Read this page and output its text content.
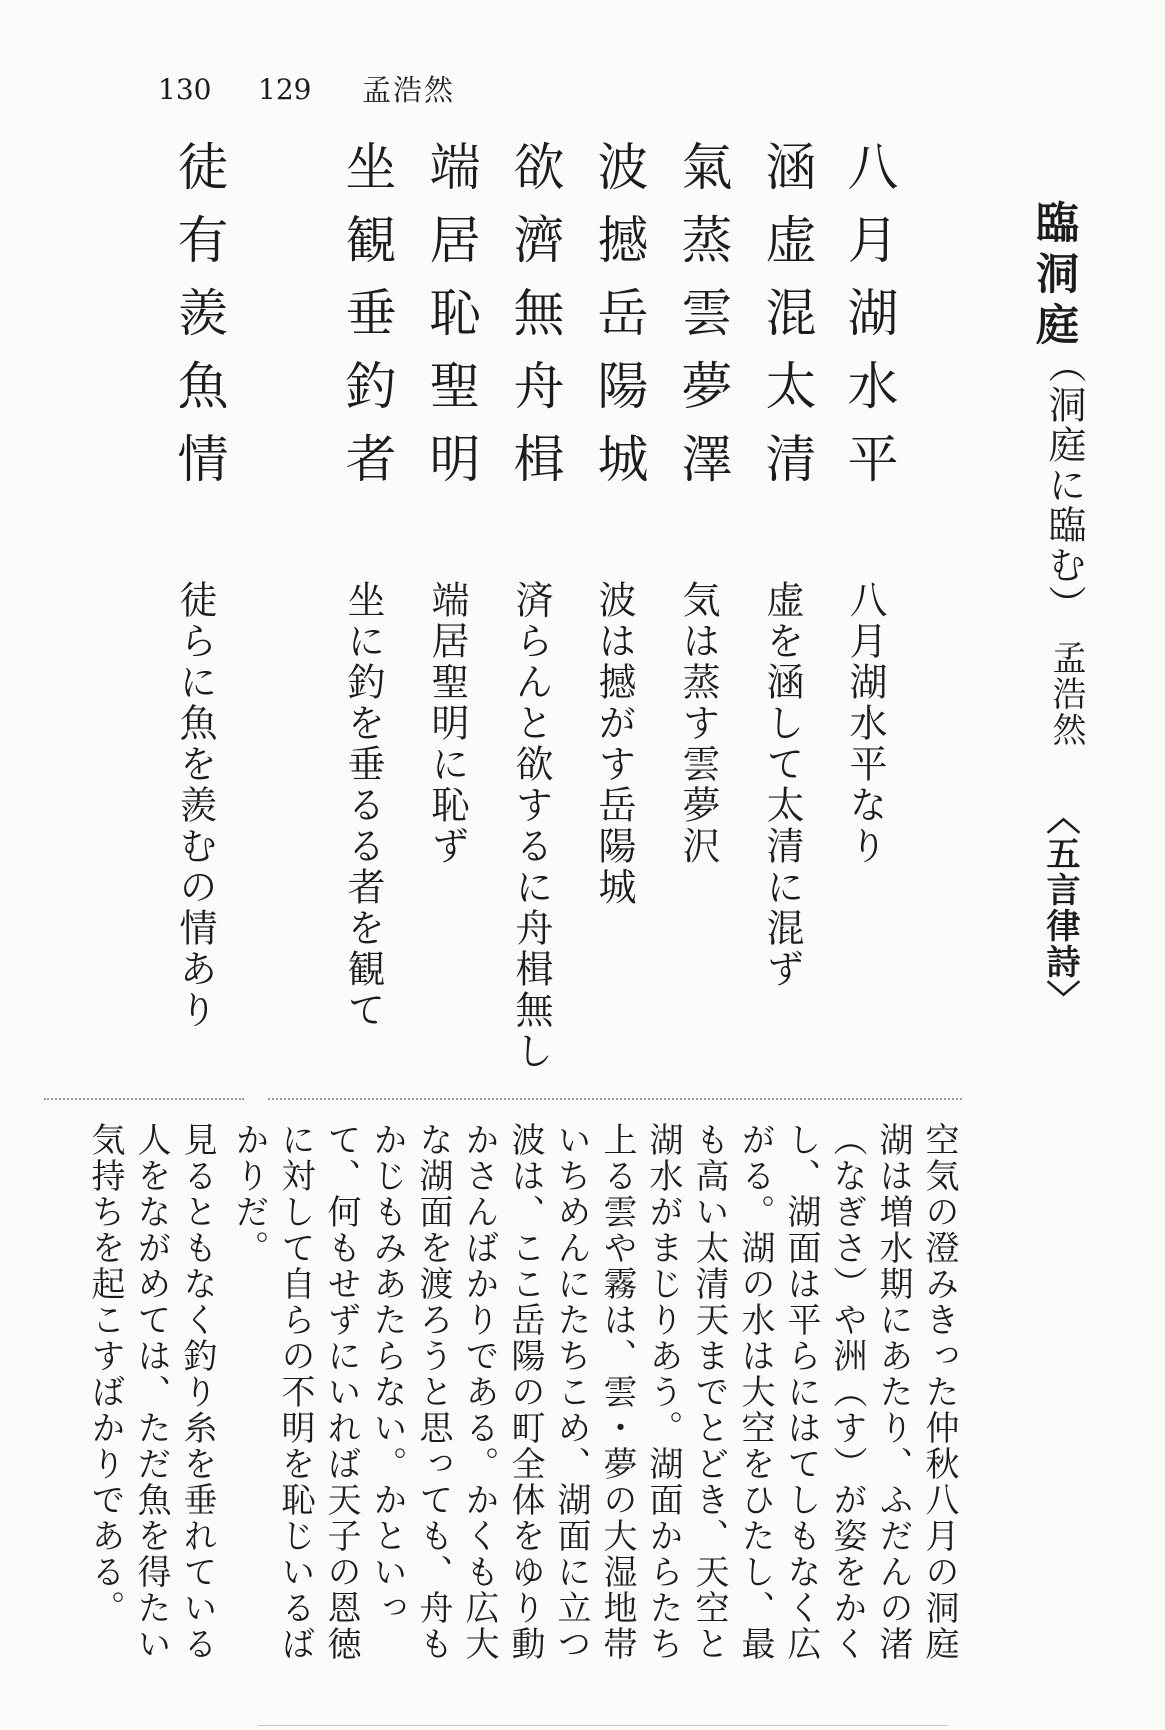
130 129 孟浩然
臨洞庭
（洞庭に臨む）
孟浩然
〈五言律詩〉
八月湖水平
涵虚混太清
氣蒸雲夢澤
波撼岳陽城
欲濟無舟楫
端居恥聖明
坐観垂釣者
徒有羨魚情
八月湖水平なり
虚を涵して太清に混ず
気は蒸す雲夢沢
波は撼がす岳陽城
済らんと欲するに舟楫無し
端居聖明に恥ず
坐に釣を垂るる者を観て
徒らに魚を羨むの情あり
空気の澄みきった仲秋八月の洞庭湖は増水期にあたり、ふだんの渚（なぎさ）や洲（す）が姿をかくし、湖面は平らにはてしもなく広がる。湖の水は大空をひたし、最も高い太清天までとどき、天空と湖水がまじりあう。湖面からたち上る雲や霧は、雲・夢の大湿地帯いちめんにたちこめ、湖面に立つ波は、ここ岳陽の町全体をゆり動かさんばかりである。かくも広大な湖面を渡ろうと思っても、舟もかじもみあたらない。かといって、何もせずにいれば天子の恩徳に対して自らの不明を恥じいるばかりだ。
見るともなく釣り糸を垂れている人をながめては、ただ魚を得たい気持ちを起こすばかりである。
